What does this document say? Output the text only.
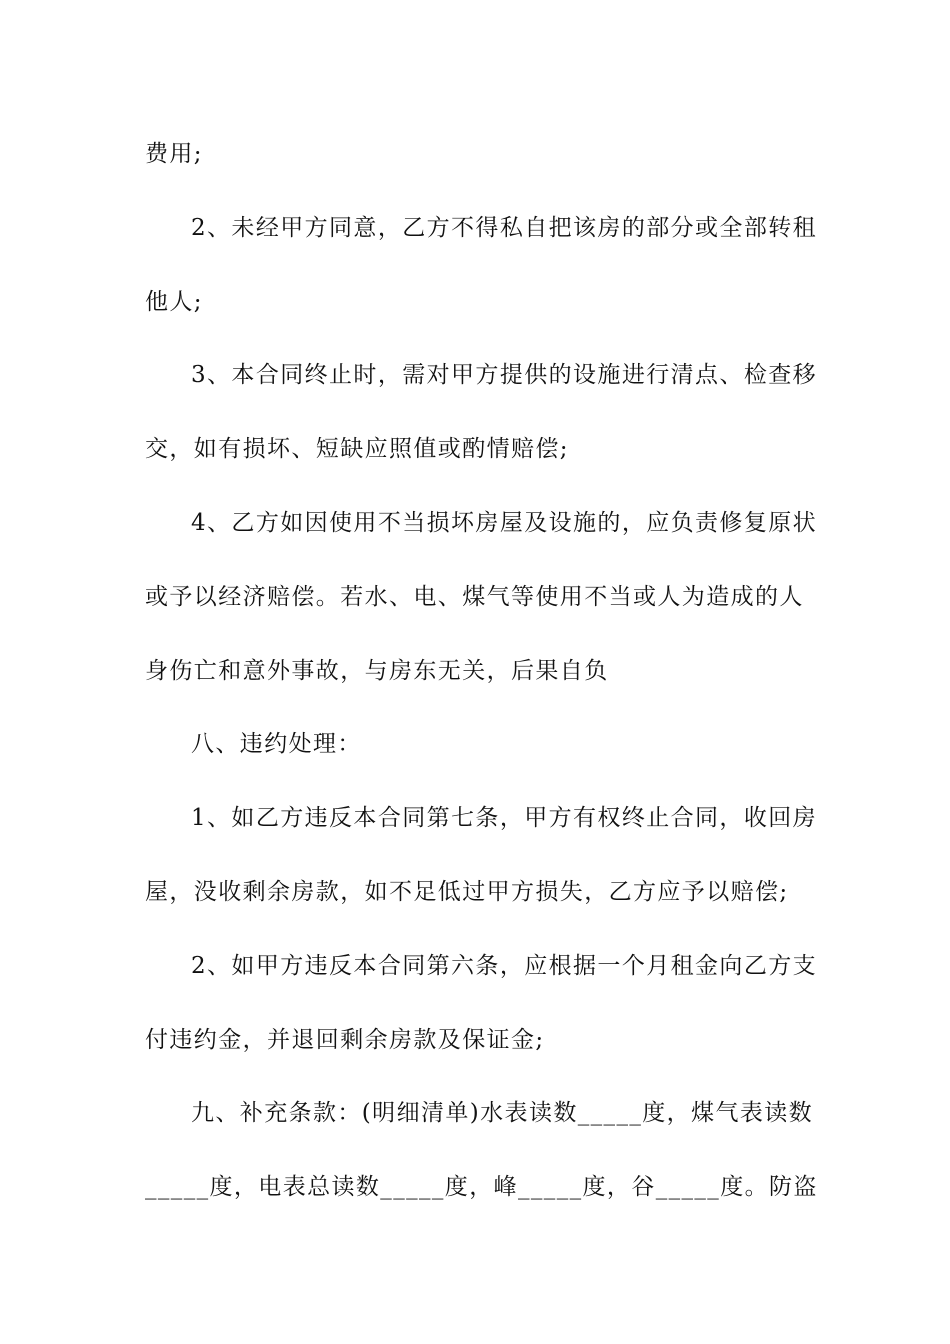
费用;
2、未经甲方同意，乙方不得私自把该房的部分或全部转租
他人;
3、本合同终止时，需对甲方提供的设施进行清点、检查移
交，如有损坏、短缺应照值或酌情赔偿;
4、乙方如因使用不当损坏房屋及设施的，应负责修复原状
或予以经济赔偿。若水、电、煤气等使用不当或人为造成的人
身伤亡和意外事故，与房东无关，后果自负
八、违约处理：
1、如乙方违反本合同第七条，甲方有权终止合同，收回房
屋，没收剩余房款，如不足低过甲方损失，乙方应予以赔偿;
2、如甲方违反本合同第六条，应根据一个月租金向乙方支
付违约金，并退回剩余房款及保证金;
九、补充条款：(明细清单)水表读数_____度，煤气表读数
_____度，电表总读数_____度，峰_____度，谷_____度。防盗
